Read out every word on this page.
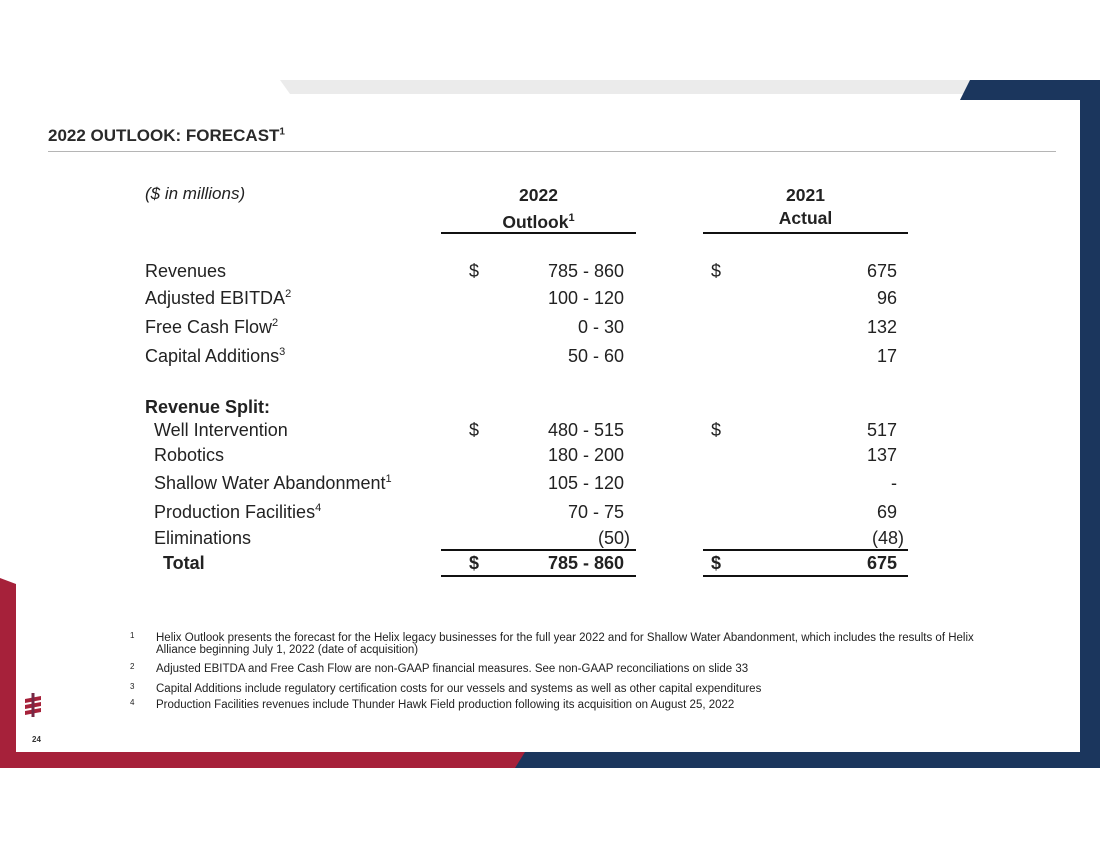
2022 OUTLOOK: FORECAST$^1$
($ in millions)	2022
Outlook$^1$
2021
Actual
Revenues	$	785 - 860	$	675
Adjusted EBITDA$^2$	100 - 120	96
Free Cash Flow$^2$	0 - 30	132
Capital Additions$^3$	50 - 60	17
Revenue Split:
Well Intervention	$	480 - 515	$	517
Robotics	180 - 200	137
Shallow Water Abandonment$^1$	105 - 120	-
Production Facilities$^4$	70 - 75	69
Eliminations	(50)	(48)
Total	$	785 - 860	$	675
1 Helix Outlook presents the forecast for the Helix legacy businesses for the full year 2022 and for Shallow Water Abandonment, which includes the results of Helix Alliance beginning July 1, 2022 (date of acquisition)
2 Adjusted EBITDA and Free Cash Flow are non-GAAP financial measures. See non-GAAP reconciliations on slide 33
3 Capital Additions include regulatory certification costs for our vessels and systems as well as other capital expenditures
4 Production Facilities revenues include Thunder Hawk Field production following its acquisition on August 25, 2022
24
